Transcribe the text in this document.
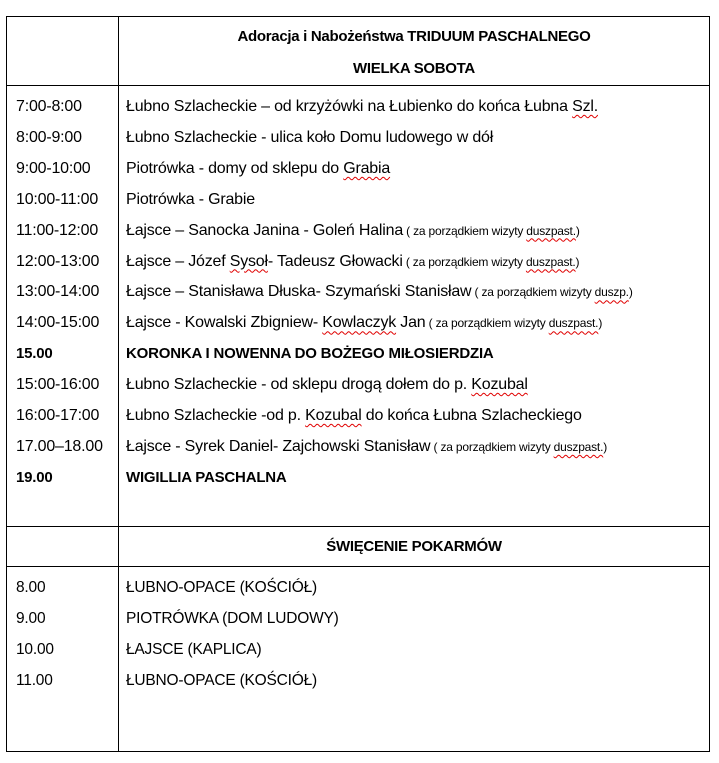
Adoracja i Nabożeństwa TRIDUUM PASCHALNEGO
WIELKA SOBOTA
7:00-8:00	Łubno Szlacheckie – od krzyżówki na Łubienko do końca Łubna Szl.
8:00-9:00	Łubno Szlacheckie - ulica koło Domu ludowego w dół
9:00-10:00 Piotrówka - domy od sklepu do Grabia
10:00-11:00 Piotrówka - Grabie
11:00-12:00 Łajsce – Sanocka Janina - Goleń Halina ( za porządkiem wizyty duszpast.)
12:00-13:00 Łajsce – Józef Sysoł- Tadeusz Głowacki ( za porządkiem wizyty duszpast.)
13:00-14:00 Łajsce – Stanisława Dłuska- Szymański Stanisław ( za porządkiem wizyty duszp.)
14:00-15:00 Łajsce - Kowalski Zbigniew- Kowlaczyk Jan ( za porządkiem wizyty duszpast.)
15.00	KORONKA I NOWENNA DO BOŻEGO MIŁOSIERDZIA
15:00-16:00 Łubno Szlacheckie - od sklepu drogą dołem do p. Kozubal
16:00-17:00 Łubno Szlacheckie -od p. Kozubal do końca Łubna Szlacheckiego
17.00–18.00 Łajsce - Syrek Daniel- Zajchowski Stanisław ( za porządkiem wizyty duszpast.)
19.00	WIGILLIA PASCHALNA
ŚWIĘCENIE POKARMÓW
8.00	ŁUBNO-OPACE (KOŚCIÓŁ)
9.00	PIOTRÓWKA (DOM LUDOWY)
10.00	ŁAJSCE (KAPLICA)
11.00	ŁUBNO-OPACE (KOŚCIÓŁ)
